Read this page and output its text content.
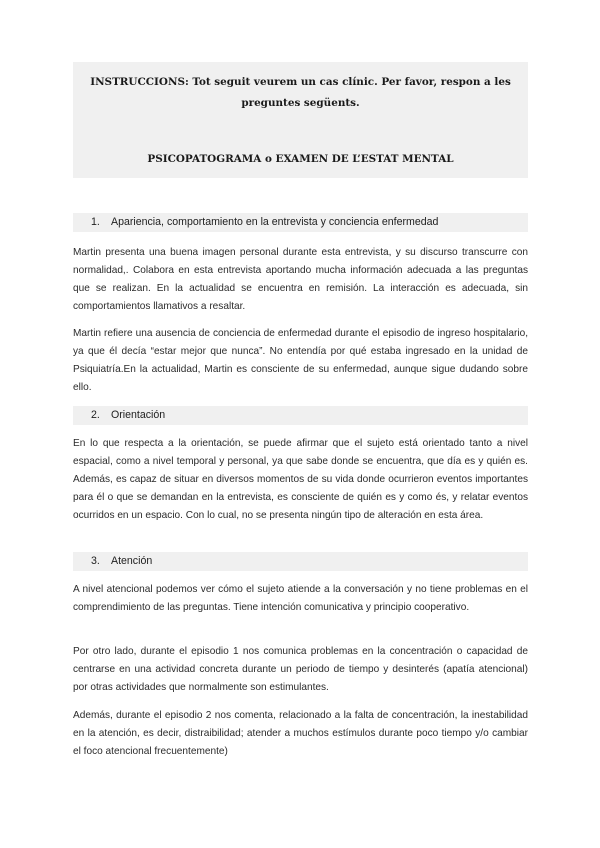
INSTRUCCIONS: Tot seguit veurem un cas clínic. Per favor, respon a les preguntes següents.
PSICOPATOGRAMA o EXAMEN DE L’ESTAT MENTAL
1. Apariencia, comportamiento en la entrevista y conciencia enfermedad

Martin presenta una buena imagen personal durante esta entrevista, y su discurso transcurre con normalidad,. Colabora en esta entrevista aportando mucha información adecuada a las preguntas que se realizan. En la actualidad se encuentra en remisión. La interacción es adecuada, sin comportamientos llamativos a resaltar.

Martin refiere una ausencia de conciencia de enfermedad durante el episodio de ingreso hospitalario, ya que él decía “estar mejor que nunca”. No entendía por qué estaba ingresado en la unidad de Psiquiatría.En la actualidad, Martin es consciente de su enfermedad, aunque sigue dudando sobre ello.

2. Orientación

En lo que respecta a la orientación, se puede afirmar que el sujeto está orientado tanto a nivel espacial, como a nivel temporal y personal, ya que sabe donde se encuentra, que día es y quién es. Además, es capaz de situar en diversos momentos de su vida donde ocurrieron eventos importantes para él o que se demandan en la entrevista, es consciente de quién es y como és, y relatar eventos ocurridos en un espacio. Con lo cual, no se presenta ningún tipo de alteración en esta área.

3. Atención

A nivel atencional podemos ver cómo el sujeto atiende a la conversación y no tiene problemas en el comprendimiento de las preguntas. Tiene intención comunicativa y principio cooperativo.

Por otro lado, durante el episodio 1 nos comunica problemas en la concentración o capacidad de centrarse en una actividad concreta durante un periodo de tiempo y desinterés (apatía atencional) por otras actividades que normalmente son estimulantes.

Además, durante el episodio 2 nos comenta, relacionado a la falta de concentración, la inestabilidad en la atención, es decir, distraibilidad; atender a muchos estímulos durante poco tiempo y/o cambiar el foco atencional frecuentemente)
